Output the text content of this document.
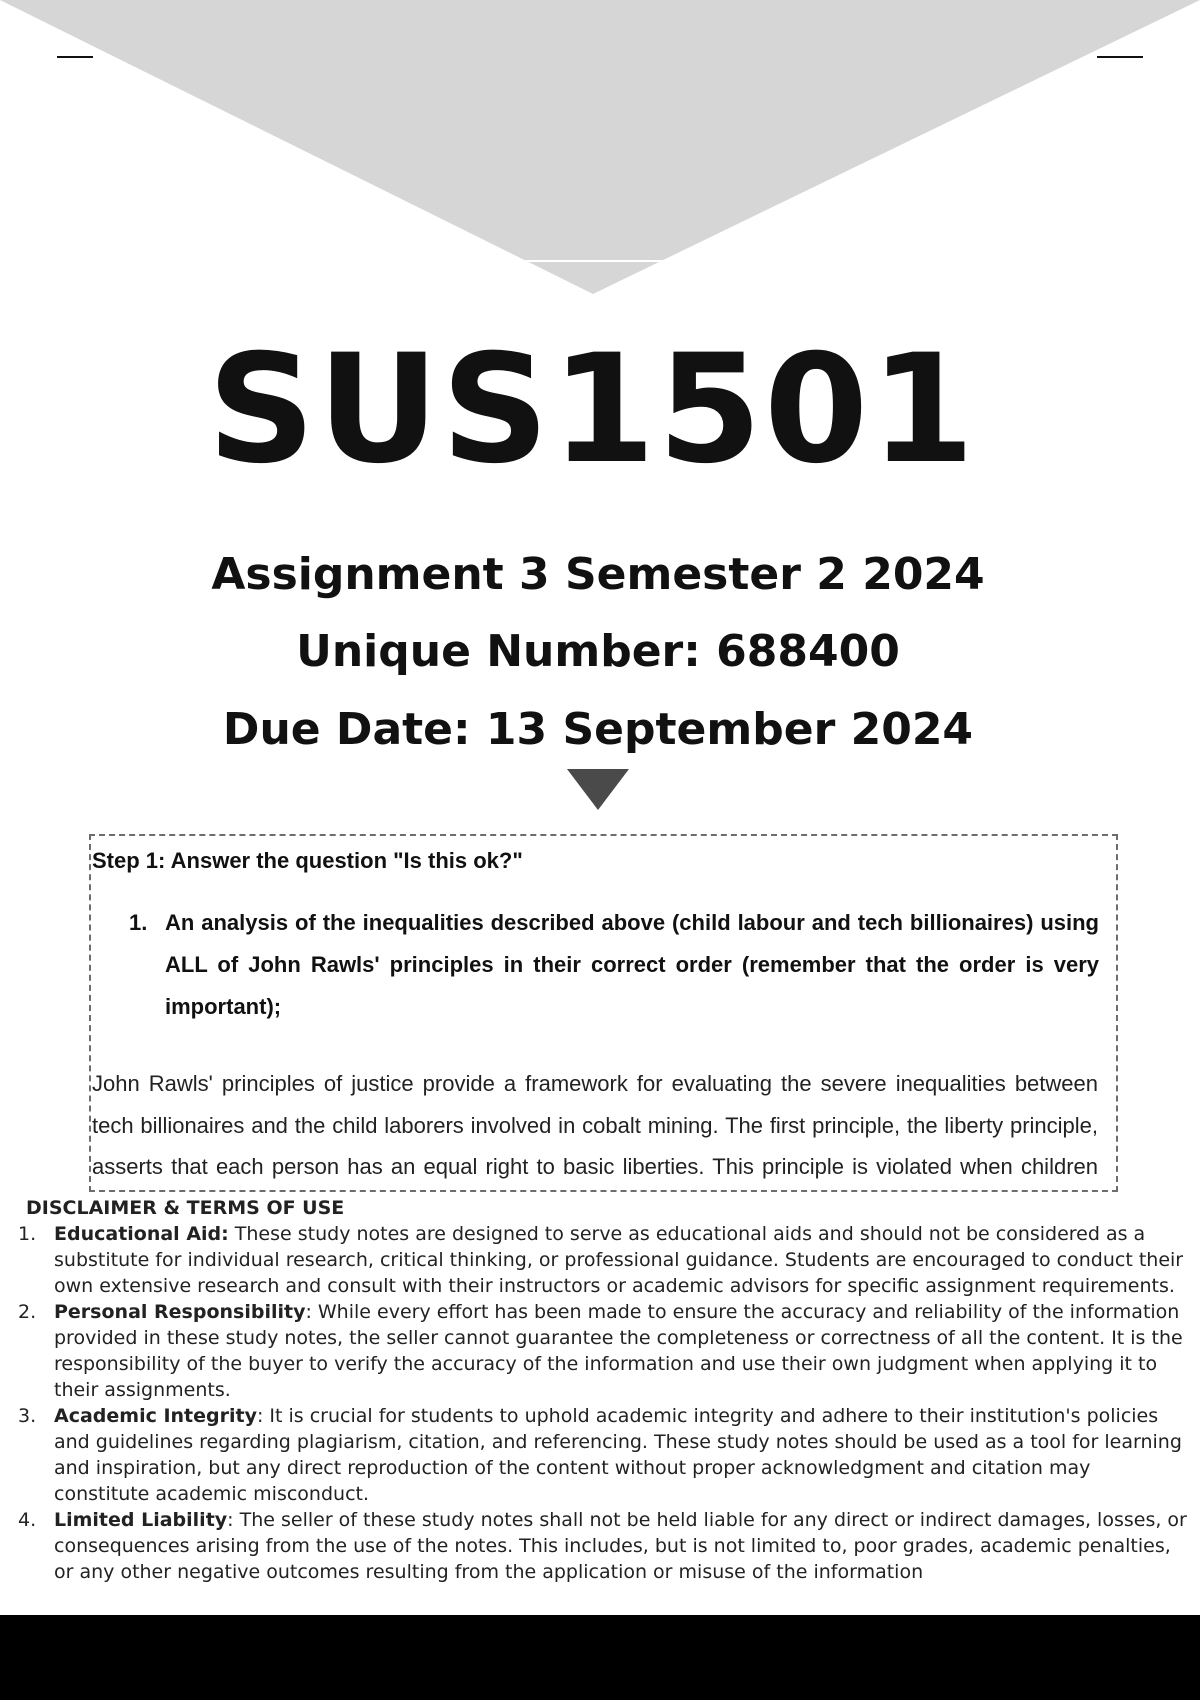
SUS1501
Assignment 3 Semester 2 2024
Unique Number: 688400
Due Date: 13 September 2024
Step 1: Answer the question "Is this ok?"
1. An analysis of the inequalities described above (child labour and tech billionaires) using ALL of John Rawls' principles in their correct order (remember that the order is very important);
John Rawls' principles of justice provide a framework for evaluating the severe inequalities between tech billionaires and the child laborers involved in cobalt mining. The first principle, the liberty principle, asserts that each person has an equal right to basic liberties. This principle is violated when children
DISCLAIMER & TERMS OF USE
1. Educational Aid: These study notes are designed to serve as educational aids and should not be considered as a substitute for individual research, critical thinking, or professional guidance. Students are encouraged to conduct their own extensive research and consult with their instructors or academic advisors for specific assignment requirements.
2. Personal Responsibility: While every effort has been made to ensure the accuracy and reliability of the information provided in these study notes, the seller cannot guarantee the completeness or correctness of all the content. It is the responsibility of the buyer to verify the accuracy of the information and use their own judgment when applying it to their assignments.
3. Academic Integrity: It is crucial for students to uphold academic integrity and adhere to their institution's policies and guidelines regarding plagiarism, citation, and referencing. These study notes should be used as a tool for learning and inspiration, but any direct reproduction of the content without proper acknowledgment and citation may constitute academic misconduct.
4. Limited Liability: The seller of these study notes shall not be held liable for any direct or indirect damages, losses, or consequences arising from the use of the notes. This includes, but is not limited to, poor grades, academic penalties, or any other negative outcomes resulting from the application or misuse of the information
